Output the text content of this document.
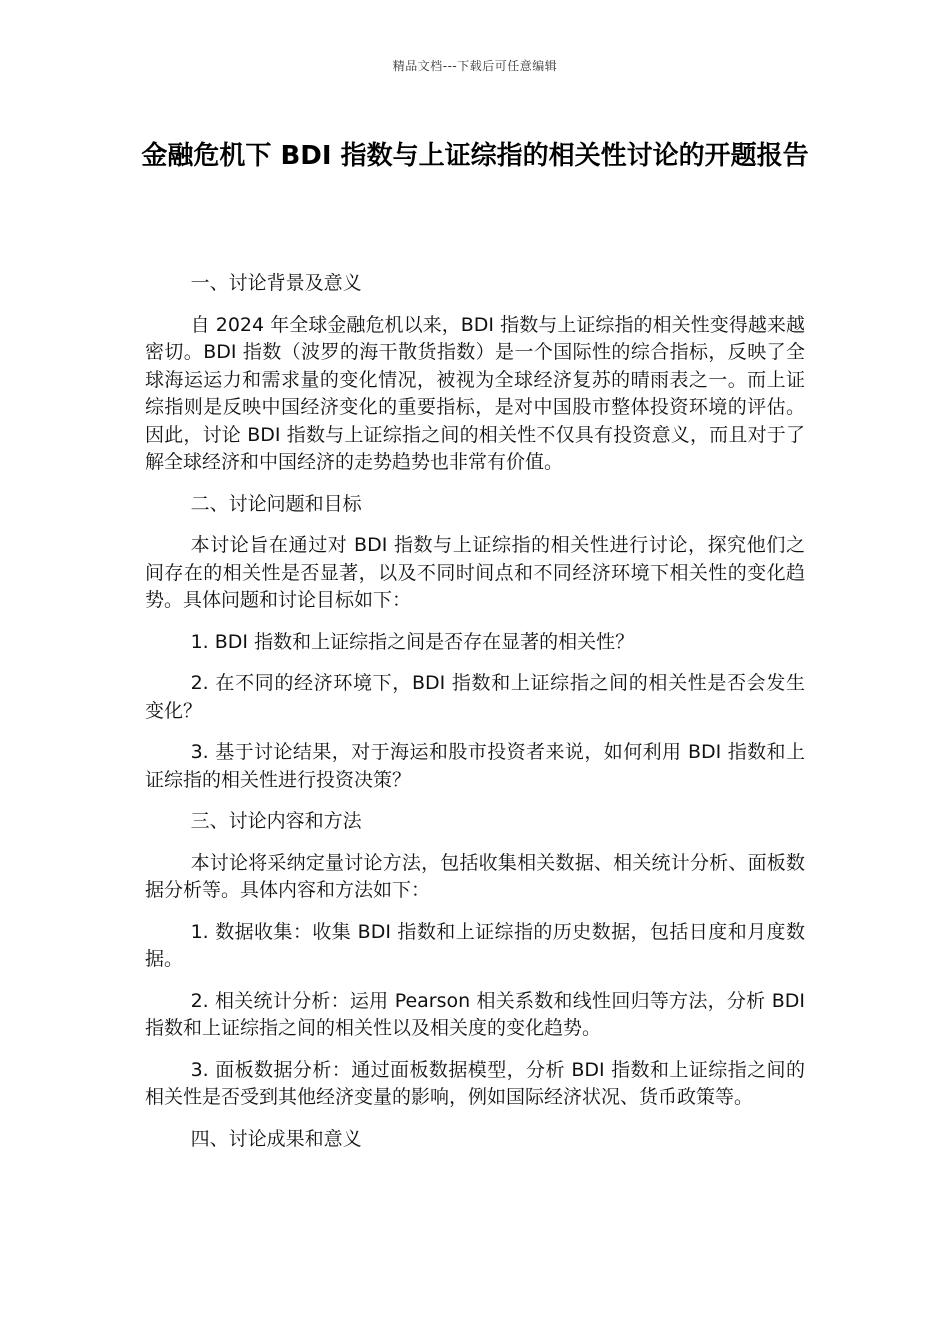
精品文档---下载后可任意编辑
金融危机下 BDI 指数与上证综指的相关性讨论的开题报告

一、讨论背景及意义

自 2024 年全球金融危机以来，BDI 指数与上证综指的相关性变得越来越密切。BDI 指数（波罗的海干散货指数）是一个国际性的综合指标，反映了全球海运运力和需求量的变化情况，被视为全球经济复苏的晴雨表之一。而上证综指则是反映中国经济变化的重要指标，是对中国股市整体投资环境的评估。因此，讨论 BDI 指数与上证综指之间的相关性不仅具有投资意义，而且对于了解全球经济和中国经济的走势趋势也非常有价值。

二、讨论问题和目标

本讨论旨在通过对 BDI 指数与上证综指的相关性进行讨论，探究他们之间存在的相关性是否显著，以及不同时间点和不同经济环境下相关性的变化趋势。具体问题和讨论目标如下：

1. BDI 指数和上证综指之间是否存在显著的相关性？

2. 在不同的经济环境下，BDI 指数和上证综指之间的相关性是否会发生变化？

3. 基于讨论结果，对于海运和股市投资者来说，如何利用 BDI 指数和上证综指的相关性进行投资决策？

三、讨论内容和方法

本讨论将采纳定量讨论方法，包括收集相关数据、相关统计分析、面板数据分析等。具体内容和方法如下：

1. 数据收集：收集 BDI 指数和上证综指的历史数据，包括日度和月度数据。

2. 相关统计分析：运用 Pearson 相关系数和线性回归等方法，分析 BDI 指数和上证综指之间的相关性以及相关度的变化趋势。

3. 面板数据分析：通过面板数据模型，分析 BDI 指数和上证综指之间的相关性是否受到其他经济变量的影响，例如国际经济状况、货币政策等。

四、讨论成果和意义
